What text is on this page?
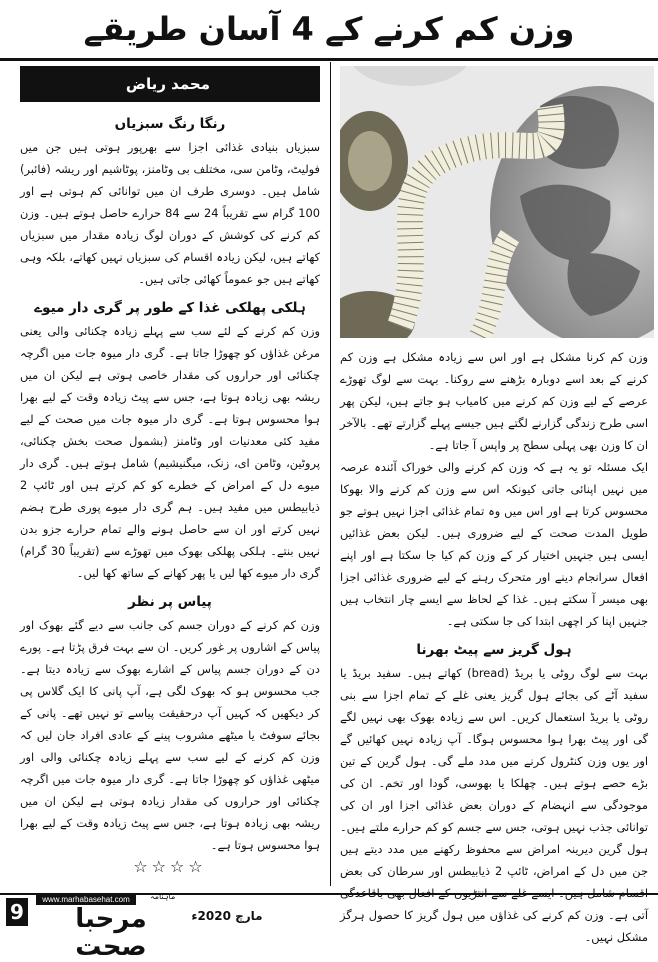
وزن کم کرنے کے 4 آسان طریقے
محمد ریاض
رنگا رنگ سبزیاں

سبزیاں بنیادی غذائی اجزا سے بھرپور ہوتی ہیں جن میں فولیٹ، وٹامن سی، مختلف بی وٹامنز، پوٹاشیم اور ریشہ (فائبر) شامل ہیں۔ دوسری طرف ان میں توانائی کم ہوتی ہے اور 100 گرام سے تقریباً 24 سے 84 حرارے حاصل ہوتے ہیں۔ وزن کم کرنے کی کوشش کے دوران لوگ زیادہ مقدار میں سبزیاں کھاتے ہیں، لیکن زیادہ اقسام کی سبزیاں نہیں کھاتے، بلکہ وہی کھاتے ہیں جو عموماً کھائی جاتی ہیں۔

ہلکی پھلکی غذا کے طور پر گری دار میوے

وزن کم کرنے کے لئے سب سے پہلے زیادہ چکنائی والی یعنی مرغن غذاؤں کو چھوڑا جاتا ہے۔ گری دار میوہ جات میں اگرچہ چکنائی اور حراروں کی مقدار خاصی ہوتی ہے لیکن ان میں ریشہ بھی زیادہ ہوتا ہے، جس سے پیٹ زیادہ وقت کے لیے بھرا ہوا محسوس ہوتا ہے۔ گری دار میوہ جات میں صحت کے لیے مفید کئی معدنیات اور وٹامنز (بشمول صحت بخش چکنائی، پروٹین، وٹامن ای، زنک، میگنیشیم) شامل ہوتے ہیں۔ گری دار میوے دل کے امراض کے خطرے کو کم کرتے ہیں اور ٹائپ 2 ذیابیطس میں مفید ہیں۔ ہم گری دار میوے پوری طرح ہضم نہیں کرتے اور ان سے حاصل ہونے والے تمام حرارے جزو بدن نہیں بنتے۔ ہلکی پھلکی بھوک میں تھوڑے سے (تقریباً 30 گرام) گری دار میوے کھا لیں یا پھر کھانے کے ساتھ کھا لیں۔

پیاس پر نظر

وزن کم کرنے کے دوران جسم کی جانب سے دیے گئے بھوک اور پیاس کے اشاروں پر غور کریں۔ ان سے بہت فرق پڑتا ہے۔ پورے دن کے دوران جسم پیاس کے اشارے بھوک سے زیادہ دیتا ہے۔ جب محسوس ہو کہ بھوک لگی ہے، آپ پانی کا ایک گلاس پی کر دیکھیں کہ کہیں آپ درحقیقت پیاسے تو نہیں تھے۔ پانی کے بجائے سوفٹ یا میٹھے مشروب پینے کے عادی افراد جان لیں کہ وزن کم کرنے کے لیے سب سے پہلے زیادہ چکنائی والی اور میٹھی غذاؤں کو چھوڑا جاتا ہے۔ گری دار میوہ جات میں اگرچہ چکنائی اور حراروں کی مقدار زیادہ ہوتی ہے لیکن ان میں ریشہ بھی زیادہ ہوتا ہے، جس سے پیٹ زیادہ وقت کے لیے بھرا ہوا محسوس ہوتا ہے۔

☆☆☆☆

وزن کم کرنا مشکل ہے اور اس سے زیادہ مشکل ہے وزن کم کرنے کے بعد اسے دوبارہ بڑھنے سے روکنا۔ بہت سے لوگ تھوڑے عرصے کے لیے وزن کم کرنے میں کامیاب ہو جاتے ہیں، لیکن پھر اسی طرح زندگی گزارنے لگتے ہیں جیسے پہلے گزارتے تھے۔ بالآخر ان کا وزن بھی پہلی سطح پر واپس آ جاتا ہے۔

ایک مسئلہ تو یہ ہے کہ وزن کم کرنے والی خوراک آئندہ عرصہ میں نہیں اپنائی جاتی کیونکہ اس سے وزن کم کرنے والا بھوکا محسوس کرتا ہے اور اس میں وہ تمام غذائی اجزا نہیں ہوتے جو طویل المدت صحت کے لیے ضروری ہیں۔ لیکن بعض غذائیں ایسی ہیں جنہیں اختیار کر کے وزن کم کیا جا سکتا ہے اور اپنے افعال سرانجام دینے اور متحرک رہنے کے لیے ضروری غذائی اجزا بھی میسر آ سکتے ہیں۔ غذا کے لحاظ سے ایسے چار انتخاب ہیں جنہیں اپنا کر اچھی ابتدا کی جا سکتی ہے۔

ہول گریز سے پیٹ بھرنا

بہت سے لوگ روٹی یا بریڈ (bread) کھاتے ہیں۔ سفید بریڈ یا سفید آٹے کی بجائے ہول گریز یعنی غلے کے تمام اجزا سے بنی روٹی یا بریڈ استعمال کریں۔ اس سے زیادہ بھوک بھی نہیں لگے گی اور پیٹ بھرا ہوا محسوس ہوگا۔ آپ زیادہ نہیں کھائیں گے اور یوں وزن کنٹرول کرنے میں مدد ملے گی۔ ہول گرین کے تین بڑے حصے ہوتے ہیں۔ چھلکا یا بھوسی، گودا اور تخم۔ ان کی موجودگی سے انہضام کے دوران بعض غذائی اجزا اور ان کی توانائی جذب نہیں ہوتی، جس سے جسم کو کم حرارے ملتے ہیں۔ ہول گرین دیرینہ امراض سے محفوظ رکھنے میں مدد دیتے ہیں جن میں دل کے امراض، ٹائپ 2 ذیابیطس اور سرطان کی بعض آتی ہے۔ وزن کم کرنے کی غذاؤں میں ہول گریز کا حصول ہرگز مشکل نہیں۔

9
www.marhabasehat.com	ماہنامہ
مرحبا صحت
مارچ 2020ء
